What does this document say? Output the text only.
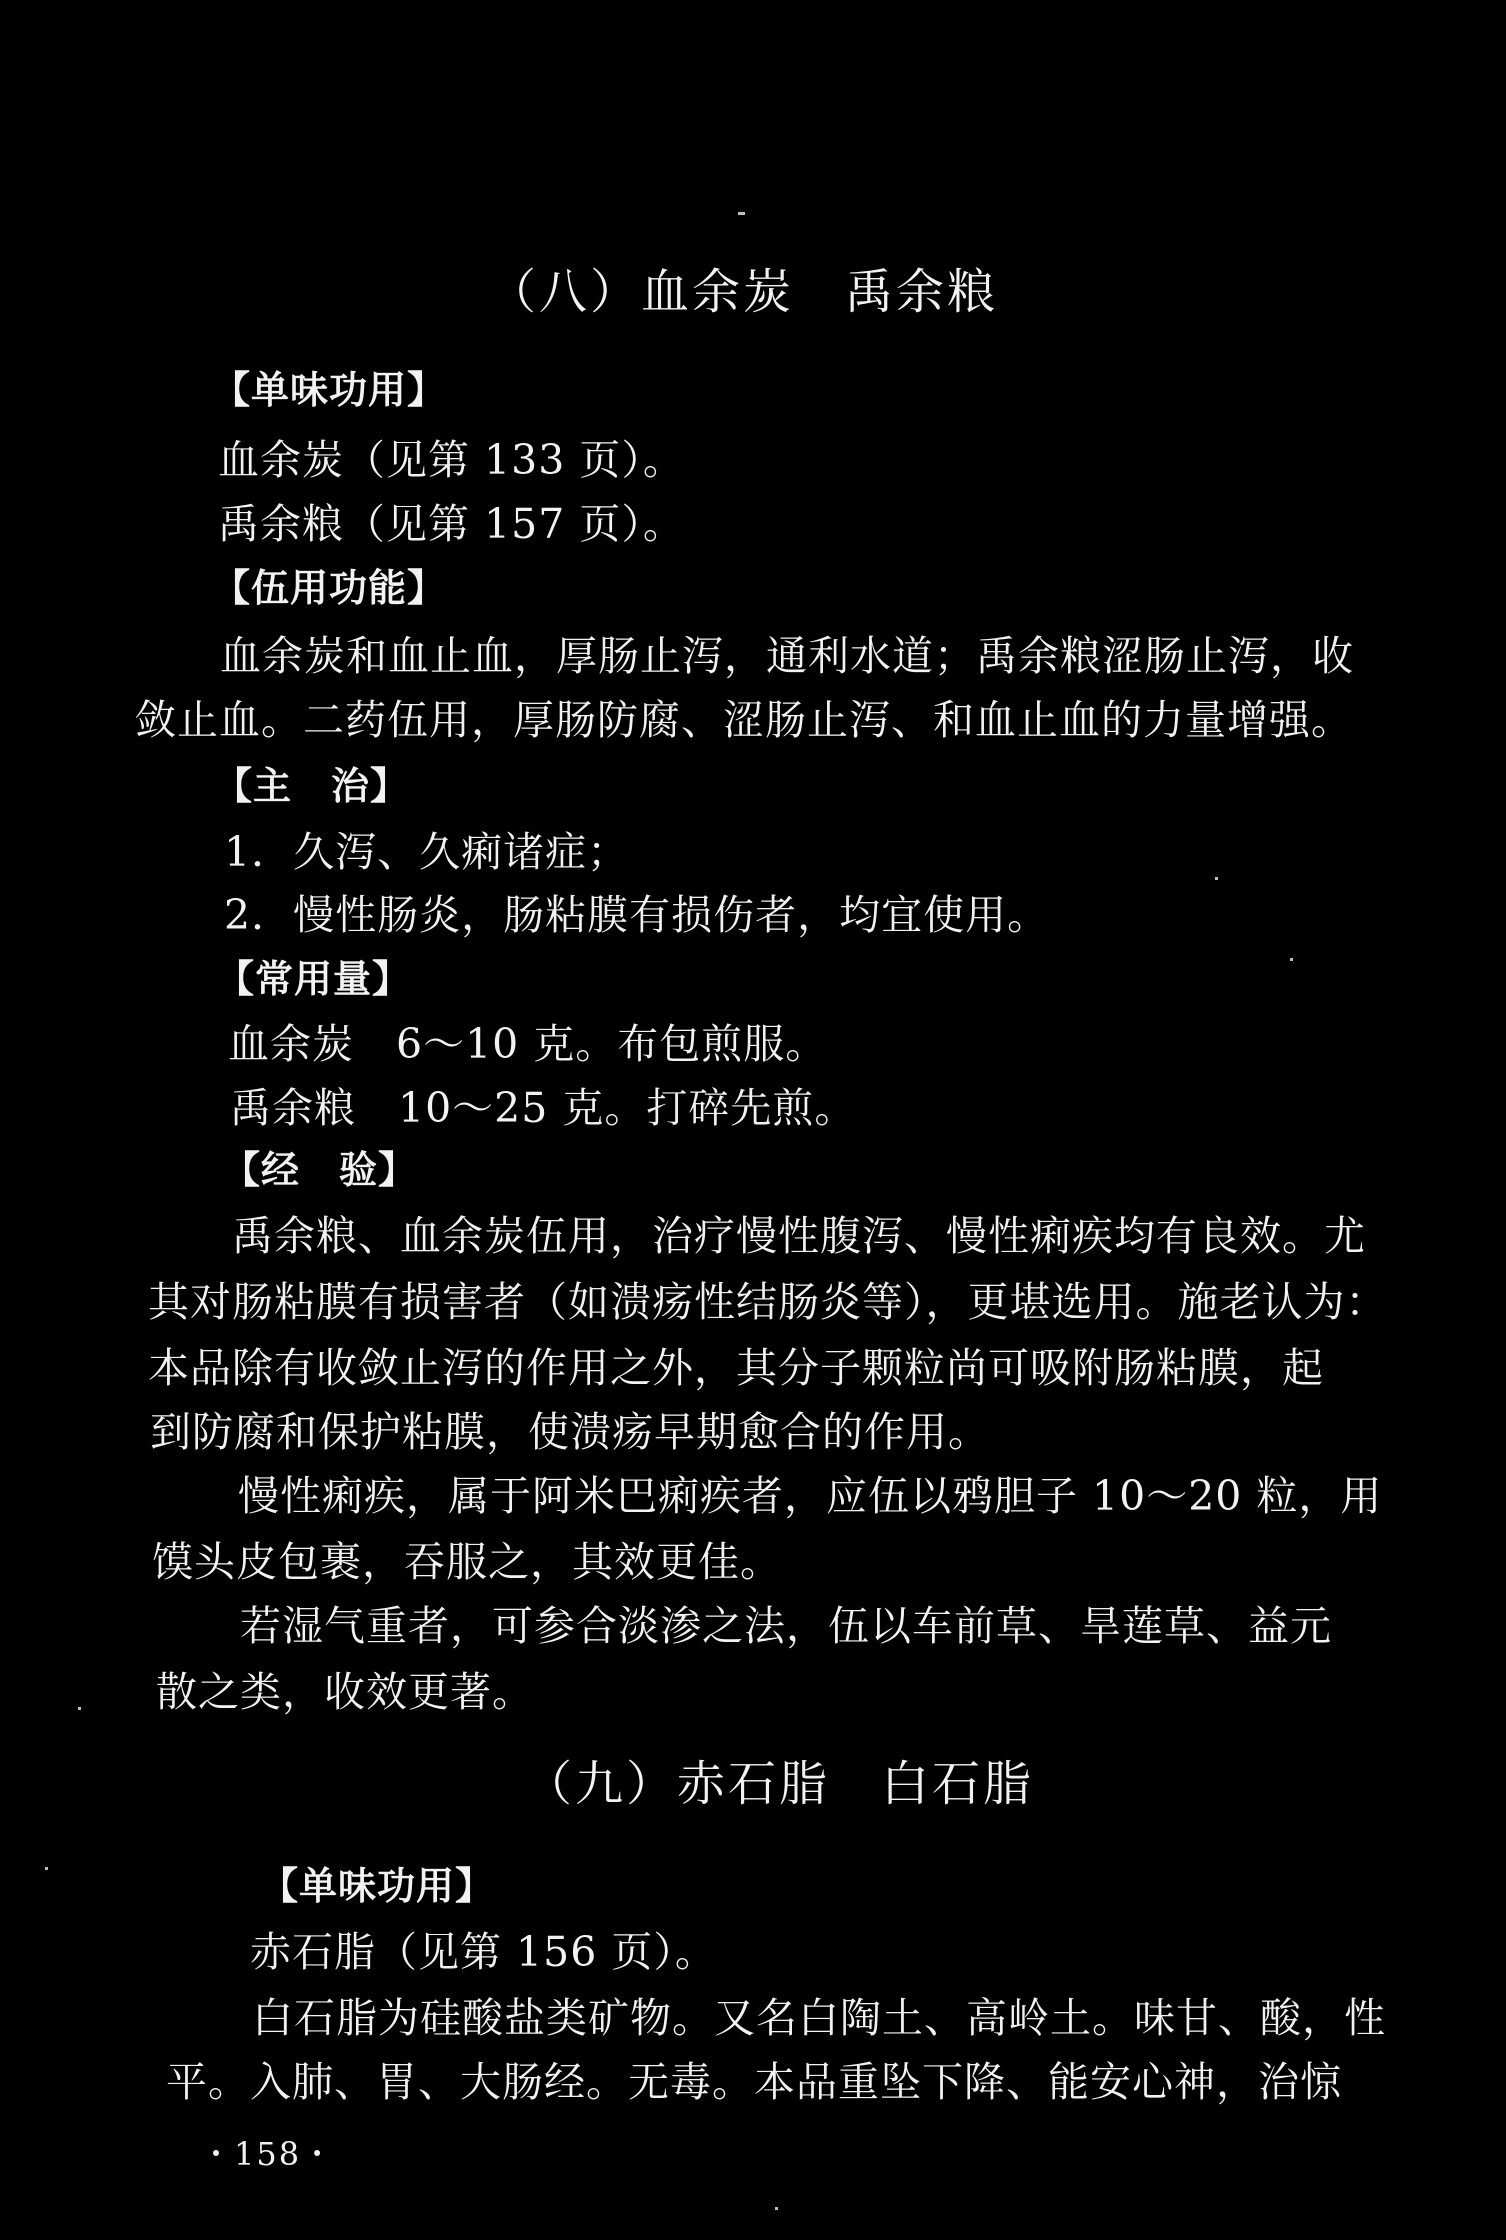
（八）血余炭　禹余粮
【单味功用】
血余炭（见第 133 页）。
禹余粮（见第 157 页）。
【伍用功能】
血余炭和血止血，厚肠止泻，通利水道；禹余粮涩肠止泻，收
敛止血。二药伍用，厚肠防腐、涩肠止泻、和血止血的力量增强。
【主　治】
1．久泻、久痢诸症；
2．慢性肠炎，肠粘膜有损伤者，均宜使用。
【常用量】
血余炭　6～10 克。布包煎服。
禹余粮　10～25 克。打碎先煎。
【经　验】
禹余粮、血余炭伍用，治疗慢性腹泻、慢性痢疾均有良效。尤
其对肠粘膜有损害者（如溃疡性结肠炎等），更堪选用。施老认为：
本品除有收敛止泻的作用之外，其分子颗粒尚可吸附肠粘膜，起
到防腐和保护粘膜，使溃疡早期愈合的作用。
慢性痢疾，属于阿米巴痢疾者，应伍以鸦胆子 10～20 粒，用
馍头皮包裹，吞服之，其效更佳。
若湿气重者，可参合淡渗之法，伍以车前草、旱莲草、益元
散之类，收效更著。
（九）赤石脂　白石脂
【单味功用】
赤石脂（见第 156 页）。
白石脂为硅酸盐类矿物。又名白陶土、高岭土。味甘、酸，性
平。入肺、胃、大肠经。无毒。本品重坠下降、能安心神，治惊
・158・
